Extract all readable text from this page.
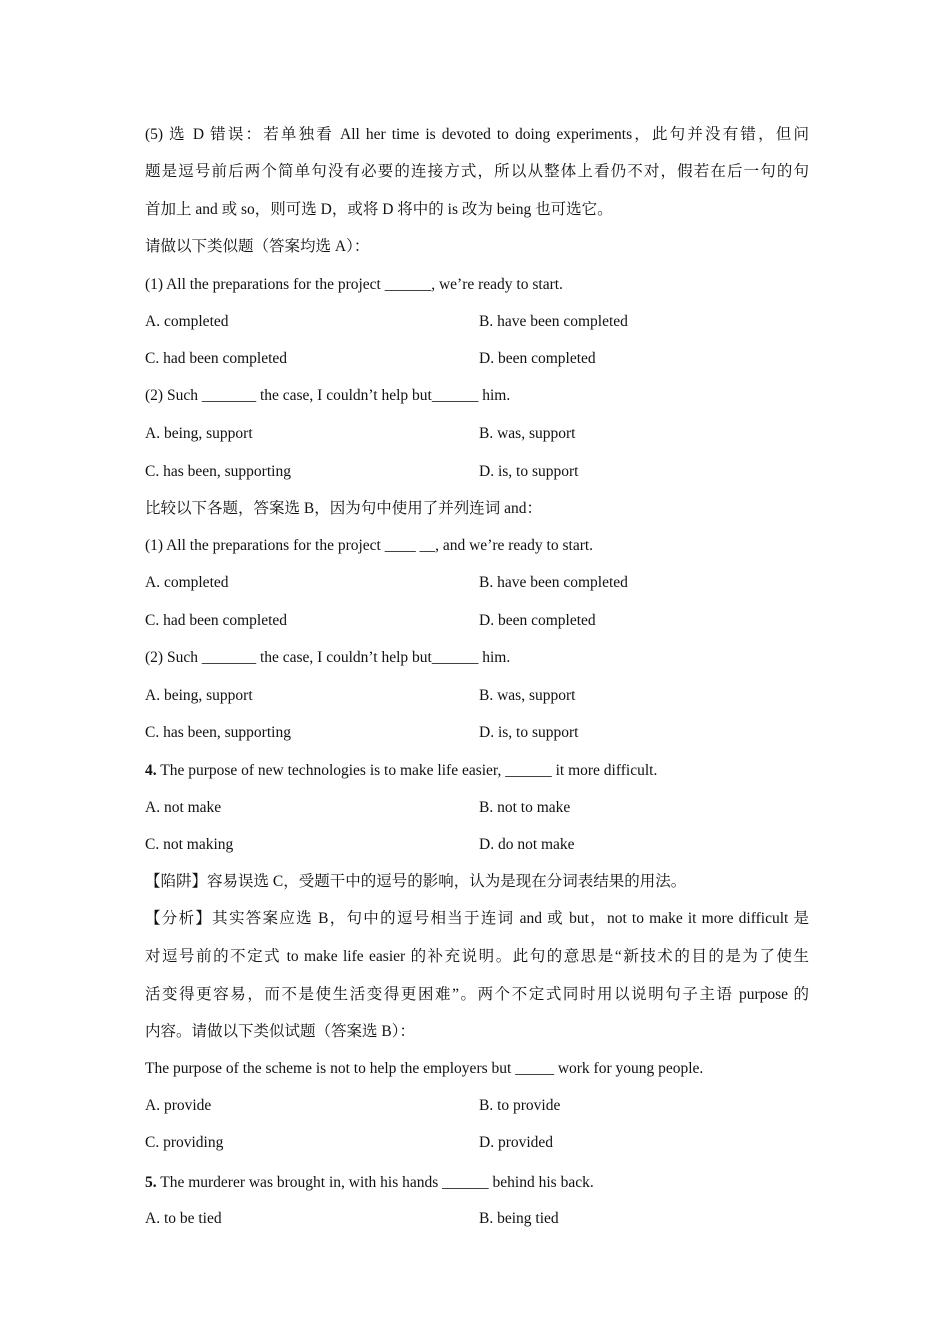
(5) 选 D 错误：若单独看 All her time is devoted to doing experiments，此句并没有错，但问
题是逗号前后两个简单句没有必要的连接方式，所以从整体上看仍不对，假若在后一句的句
首加上 and 或 so，则可选 D，或将 D 将中的 is 改为 being 也可选它。
请做以下类似题（答案均选 A）：
(1) All the preparations for the project ______, we’re ready to start.
A. completed	B. have been completed
C. had been completed	D. been completed
(2) Such _______ the case, I couldn’t help but______ him.
A. being, support	B. was, support
C. has been, supporting	D. is, to support
比较以下各题，答案选 B，因为句中使用了并列连词 and：
(1) All the preparations for the project ____ __, and we’re ready to start.
A. completed	B. have been completed
C. had been completed	D. been completed
(2) Such _______ the case, I couldn’t help but______ him.
A. being, support	B. was, support
C. has been, supporting	D. is, to support
4. The purpose of new technologies is to make life easier, ______ it more difficult.
A. not make	B. not to make
C. not making	D. do not make
【陷阱】容易误选 C，受题干中的逗号的影响，认为是现在分词表结果的用法。
【分析】其实答案应选 B，句中的逗号相当于连词 and 或 but，not to make it more difficult 是
对逗号前的不定式 to make life easier 的补充说明。此句的意思是“新技术的目的是为了使生
活变得更容易，而不是使生活变得更困难”。两个不定式同时用以说明句子主语 purpose 的
内容。请做以下类似试题（答案选 B）：
The purpose of the scheme is not to help the employers but _____ work for young people.
A. provide	B. to provide
C. providing	D. provided
5. The murderer was brought in, with his hands ______ behind his back.
A. to be tied	B. being tied
